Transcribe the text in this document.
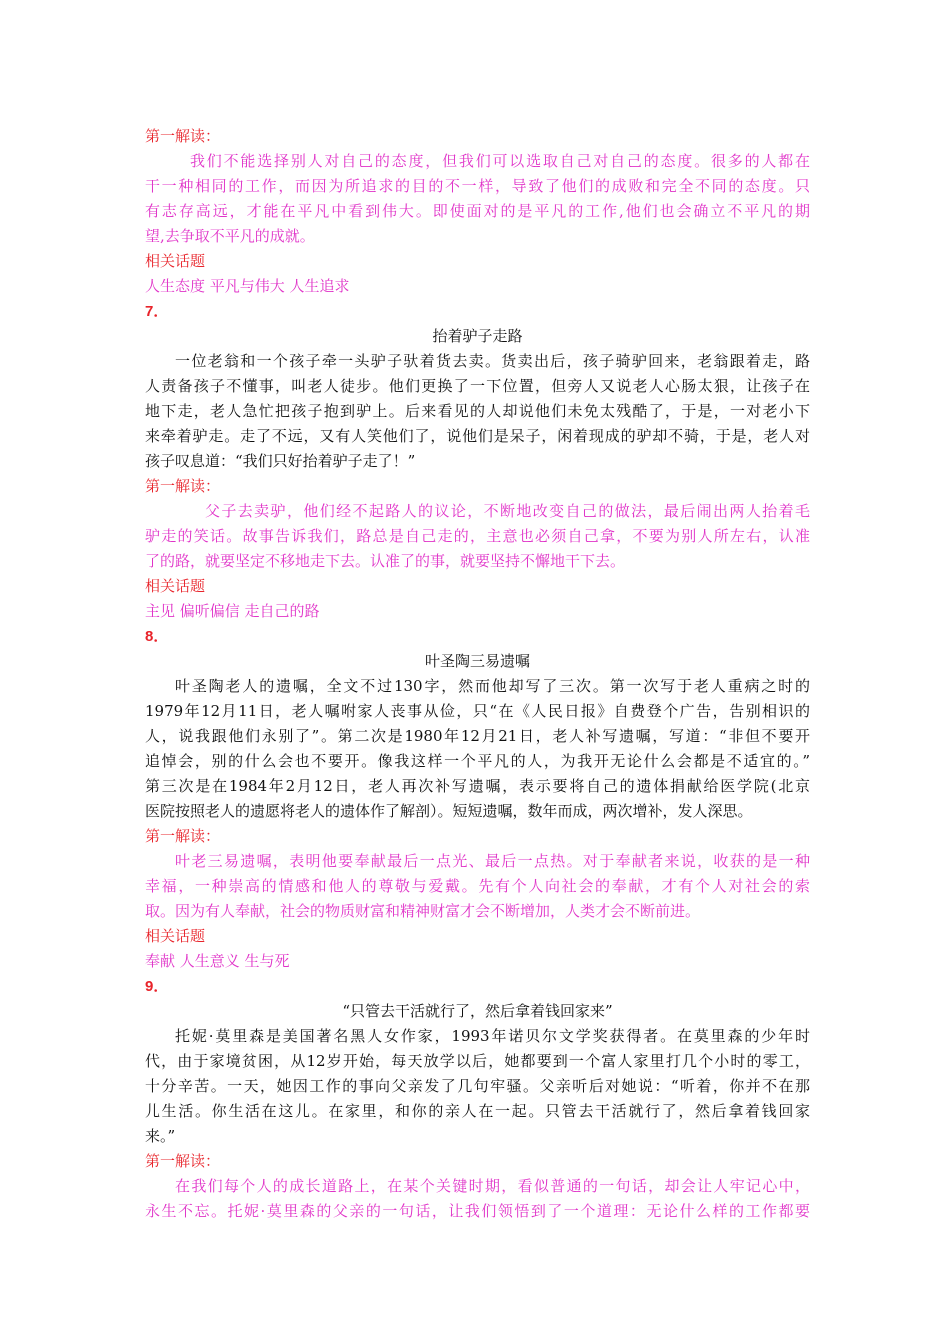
第一解读：
我们不能选择别人对自己的态度，但我们可以选取自己对自己的态度。很多的人都在
干一种相同的工作，而因为所追求的目的不一样，导致了他们的成败和完全不同的态度。只
有志存高远，才能在平凡中看到伟大。即使面对的是平凡的工作,他们也会确立不平凡的期
望,去争取不平凡的成就。
相关话题
人生态度 平凡与伟大 人生追求
7．
抬着驴子走路
一位老翁和一个孩子牵一头驴子驮着货去卖。货卖出后，孩子骑驴回来，老翁跟着走，路
人责备孩子不懂事，叫老人徒步。他们更换了一下位置，但旁人又说老人心肠太狠，让孩子在
地下走，老人急忙把孩子抱到驴上。后来看见的人却说他们未免太残酷了，于是，一对老小下
来牵着驴走。走了不远，又有人笑他们了，说他们是呆子，闲着现成的驴却不骑，于是，老人对
孩子叹息道：“我们只好抬着驴子走了！”
第一解读：
父子去卖驴，他们经不起路人的议论，不断地改变自己的做法，最后闹出两人抬着毛
驴走的笑话。故事告诉我们，路总是自己走的，主意也必须自己拿，不要为别人所左右，认准
了的路，就要坚定不移地走下去。认准了的事，就要坚持不懈地干下去。
相关话题
主见 偏听偏信 走自己的路
8．
叶圣陶三易遗嘱
叶圣陶老人的遗嘱，全文不过130字，然而他却写了三次。第一次写于老人重病之时的
1979年12月11日，老人嘱咐家人丧事从俭，只“在《人民日报》自费登个广告，告别相识的
人，说我跟他们永别了”。第二次是1980年12月21日，老人补写遗嘱，写道：“非但不要开
追悼会，别的什么会也不要开。像我这样一个平凡的人，为我开无论什么会都是不适宜的。”
第三次是在1984年2月12日，老人再次补写遗嘱，表示要将自己的遗体捐献给医学院(北京
医院按照老人的遗愿将老人的遗体作了解剖）。短短遗嘱，数年而成，两次增补，发人深思。
第一解读：
叶老三易遗嘱，表明他要奉献最后一点光、最后一点热。对于奉献者来说，收获的是一种
幸福，一种崇高的情感和他人的尊敬与爱戴。先有个人向社会的奉献，才有个人对社会的索
取。因为有人奉献，社会的物质财富和精神财富才会不断增加，人类才会不断前进。
相关话题
奉献 人生意义 生与死
9．
“只管去干活就行了，然后拿着钱回家来”
托妮·莫里森是美国著名黑人女作家，1993年诺贝尔文学奖获得者。在莫里森的少年时
代，由于家境贫困，从12岁开始，每天放学以后，她都要到一个富人家里打几个小时的零工，
十分辛苦。一天，她因工作的事向父亲发了几句牢骚。父亲听后对她说：“听着，你并不在那
儿生活。你生活在这儿。在家里，和你的亲人在一起。只管去干活就行了，然后拿着钱回家
来。”
第一解读：
在我们每个人的成长道路上，在某个关键时期，看似普通的一句话，却会让人牢记心中，
永生不忘。托妮·莫里森的父亲的一句话，让我们领悟到了一个道理：无论什么样的工作都要
